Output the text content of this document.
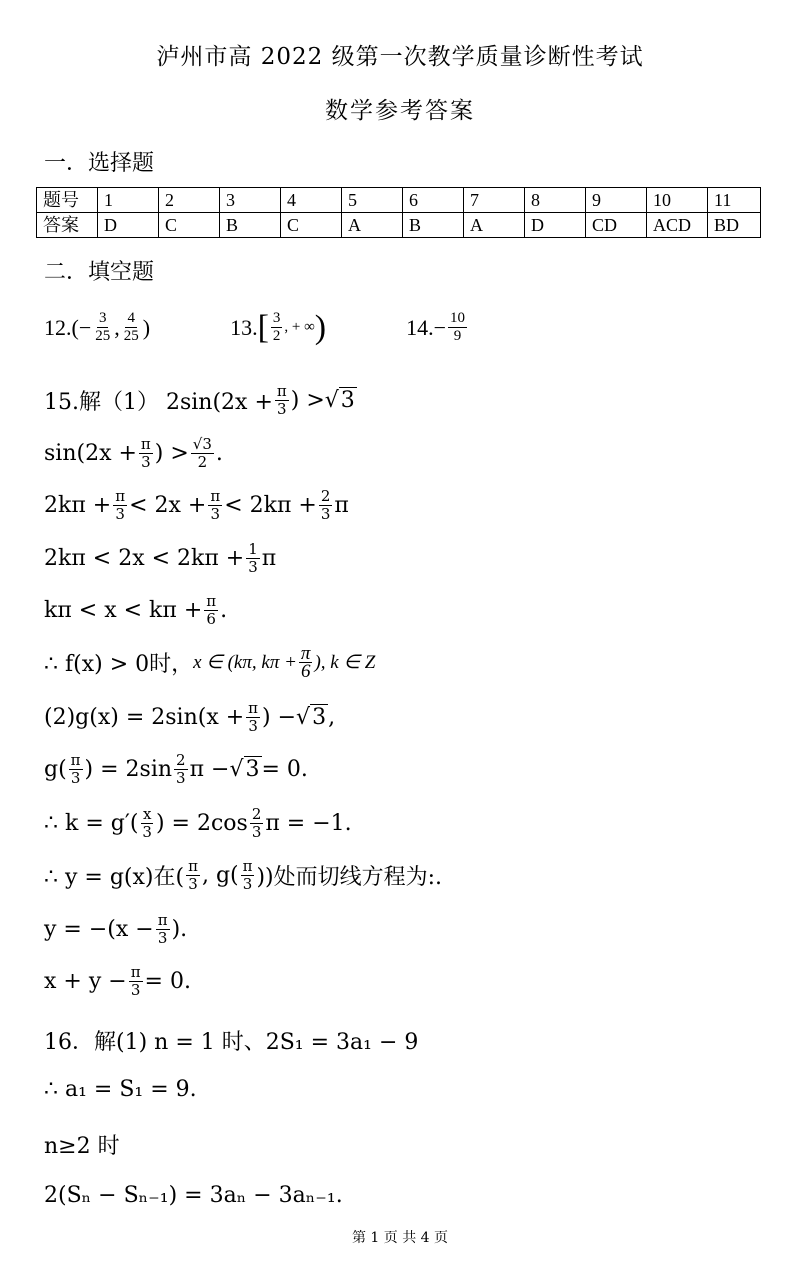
泸州市高 2022 级第一次教学质量诊断性考试
数学参考答案
一．选择题
题号	1	2	3	4	5	6	7	8	9	10	11
答案	D	C	B	C	A	B	A	D	CD	ACD	BD
二．填空题
12. (− $\frac{3}{25}$ , $\frac{4}{25}$ )	13. [ $\frac{3}{2}$ , + ∞ )	14. − $\frac{10}{9}$
15.解（1） $2\sin(2x + \frac{\pi}{3}$ ) > √ 3
$\sin(2x + \frac{\pi}{3}$ ) > $\frac{√3}{2}$ .
$2k\pi + \frac{\pi}{3} < 2x + \frac{\pi}{3} < 2k\pi + \frac{2}{3}$ π
$2k\pi < 2x < 2k\pi + \frac{1}{3}$ π
$k\pi < x < k\pi + \frac{\pi}{6}$ .
∴ f(x) > 0时， x ∈ (kπ, $k\pi + \frac{\pi}{6}$ ), k ∈ Z
$(2)g(x) = 2\sin(x + \frac{\pi}{3}$ ) − √ 3 ,
$g( \frac{\pi}{3}$ ) = $2\sin \frac{2}{3}$ π − √ 3 = 0.
∴ $k = g'( \frac{x}{3}$ ) = $2\cos \frac{2}{3}$ π = −1.
∴ y = g(x)在( $\frac{\pi}{3}$ , $g( \frac{\pi}{3}$ ))处而切线方程为:.
$y = -(x - \frac{\pi}{3}$ ).
$x + y - \frac{\pi}{3} = 0$.
16．解(1) n = 1 时、2S₁ = 3a₁ − 9
∴ a₁ = S₁ = 9.
n≥2 时
2(Sₙ − Sₙ₋₁) = 3aₙ − 3aₙ₋₁.
第 1 页 共 4 页
